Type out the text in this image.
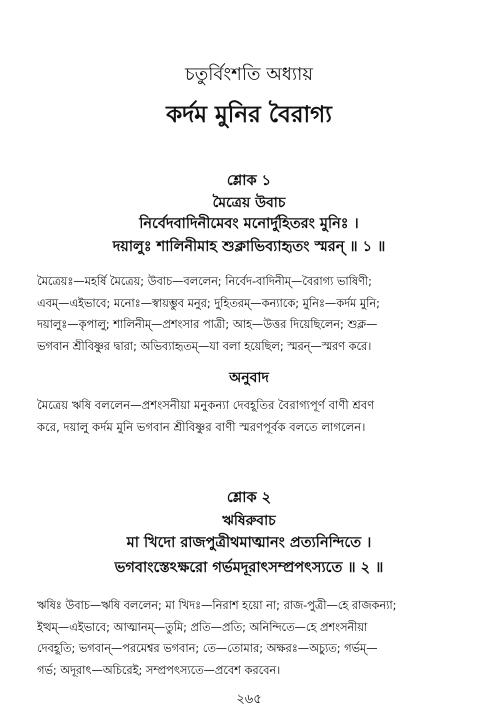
চতুর্বিংশতি অধ্যায়
কর্দম মুনির বৈরাগ্য
শ্লোক ১
মৈত্রেয় উবাচ
নির্বেদবাদিনীমেবং মনোর্দুহিতরং মুনিঃ ।
দয়ালুঃ শালিনীমাহ শুক্লাভিব্যাহৃতং স্মরন্ ॥ ১ ॥
মৈত্রেয়ঃ—মহর্ষি মৈত্রেয়; উবাচ—বললেন; নির্বেদ-বাদিনীম্—বৈরাগ্য ভাষিণী;
এবম্—এইভাবে; মনোঃ—স্বায়ম্ভুব মনুর; দুহিতরম্—কন্যাকে; মুনিঃ—কর্দম মুনি;
দয়ালুঃ—কৃপালু; শালিনীম্—প্রশংসার পাত্রী; আহ—উত্তর দিয়েছিলেন; শুক্ল—
ভগবান শ্রীবিষ্ণুর দ্বারা; অভিব্যাহৃতম্—যা বলা হয়েছিল; স্মরন্—স্মরণ করে।
অনুবাদ
মৈত্রেয় ঋষি বললেন—প্রশংসনীয়া মনুকন্যা দেবহূতির বৈরাগ্যপূর্ণ বাণী শ্রবণ
করে, দয়ালু কর্দম মুনি ভগবান শ্রীবিষ্ণুর বাণী স্মরণপূর্বক বলতে লাগলেন।
শ্লোক ২
ঋষিরুবাচ
মা খিদো রাজপুত্রীথমাত্মানং প্রত্যনিন্দিতে ।
ভগবাংস্তেঽক্ষরো গর্ভমদূরাৎসম্প্রপৎস্যতে ॥ ২ ॥
ঋষিঃ উবাচ—ঋষি বললেন; মা খিদঃ—নিরাশ হয়ো না; রাজ-পুত্রী—হে রাজকন্যা;
ইত্থম্—এইভাবে; আত্মানম্—তুমি; প্রতি—প্রতি; অনিন্দিতে—হে প্রশংসনীয়া
দেবহূতি; ভগবান্—পরমেশ্বর ভগবান; তে—তোমার; অক্ষরঃ—অচ্যুত; গর্ভম্—
গর্ভ; অদূরাৎ—অচিরেই; সম্প্রপৎস্যতে—প্রবেশ করবেন।
২৬৫
